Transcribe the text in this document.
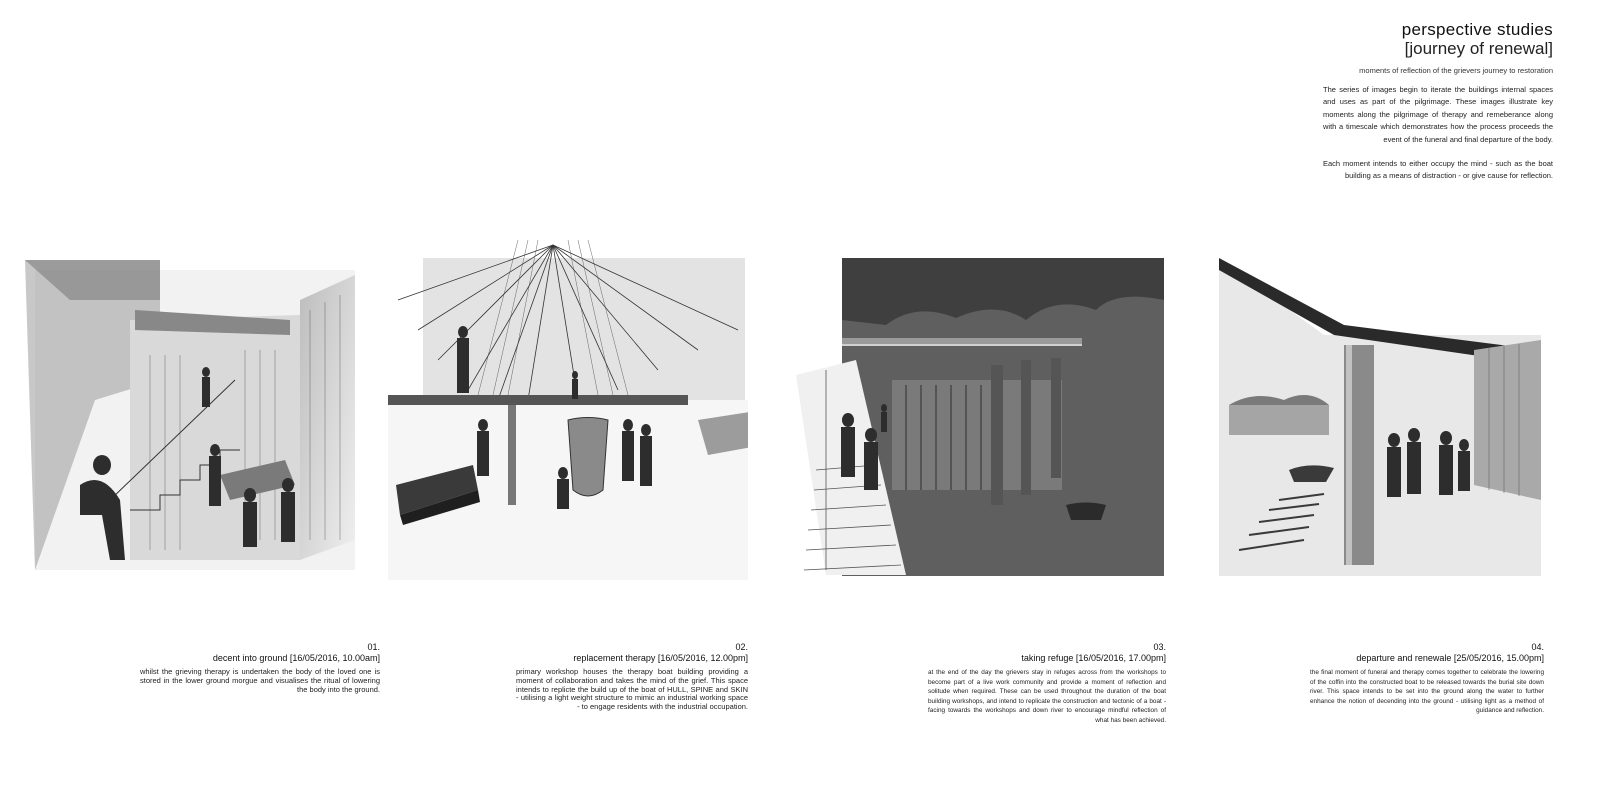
perspective studies
[journey of renewal]
moments of reflection of the grievers journey to restoration

The series of images begin to iterate the buildings internal spaces and uses as part of the pilgrimage. These images illustrate key moments along the pilgrimage of therapy and remeberance along with a timescale which demonstrates how the process proceeds the event of the funeral and final departure of the body.

Each moment intends to either occupy the mind - such as the boat building as a means of distraction - or give cause for reflection.

01.
decent into ground [16/05/2016, 10.00am]
whilst the grieving therapy is undertaken the body of the loved one is stored in the lower ground morgue and visualises the ritual of lowering the body into the ground.
02.
replacement therapy [16/05/2016, 12.00pm]
primary workshop houses the therapy boat building providing a moment of collaboration and takes the mind of the grief. This space intends to replicte the build up of the boat of HULL, SPINE and SKIN - utilising a light weight structure to mimic an industrial working space - to engage residents with the industrial occupation.
03.
taking refuge [16/05/2016, 17.00pm]
at the end of the day the grievers stay in refuges across from the workshops to become part of a live work community and provide a moment of reflection and solitude when required. These can be used throughout the duration of the boat building workshops, and intend to replicate the construction and tectonic of a boat - facing towards the workshops and down river to encourage mindful reflection of what has been achieved.
04.
departure and renewale [25/05/2016, 15.00pm]
the final moment of funeral and therapy comes together to celebrate the lowering of the coffin into the constructed boat to be released towards the burial site down river. This space intends to be set into the ground along the water to further enhance the notion of decending into the ground - utilising light as a method of guidance and reflection.
